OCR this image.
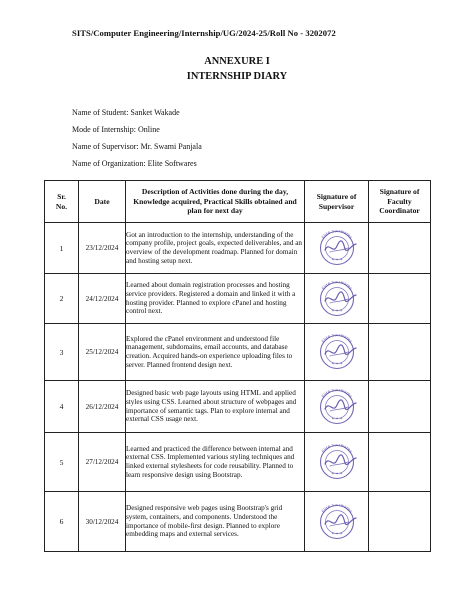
SITS/Computer Engineering/Internship/UG/2024-25/Roll No - 3202072
ANNEXURE I
INTERNSHIP DIARY
Name of Student: Sanket Wakade
Mode of Internship: Online
Name of Supervisor: Mr. Swami Panjala
Name of Organization: Elite Softwares
Sr. No.	Date	Description of Activities done during the day, Knowledge acquired, Practical Skills obtained and plan for next day	Signature of Supervisor	Signature of Faculty Coordinator
1	23/12/2024	Got an introduction to the internship, understanding of the company profile, project goals, expected deliverables, and an overview of the development roadmap. Planned for domain and hosting setup next.	Elite Softwares
★ ★ ★	

2	24/12/2024	Learned about domain registration processes and hosting service providers. Registered a domain and linked it with a hosting provider. Planned to explore cPanel and hosting control next.	Elite Softwares
★ ★ ★	

3	25/12/2024	Explored the cPanel environment and understood file management, subdomains, email accounts, and database creation. Acquired hands-on experience uploading files to server. Planned frontend design next.	Elite Softwares
★ ★ ★	

4	26/12/2024	Designed basic web page layouts using HTML and applied styles using CSS. Learned about structure of webpages and importance of semantic tags. Plan to explore internal and external CSS usage next.	Elite Softwares
★ ★ ★	

5	27/12/2024	Learned and practiced the difference between internal and external CSS. Implemented various styling techniques and linked external stylesheets for code reusability. Planned to learn responsive design using Bootstrap.	Elite Softwares
★ ★ ★	

6	30/12/2024	Designed responsive web pages using Bootstrap's grid system, containers, and components. Understood the importance of mobile-first design. Planned to explore embedding maps and external services.	Elite Softwares
★ ★ ★	
